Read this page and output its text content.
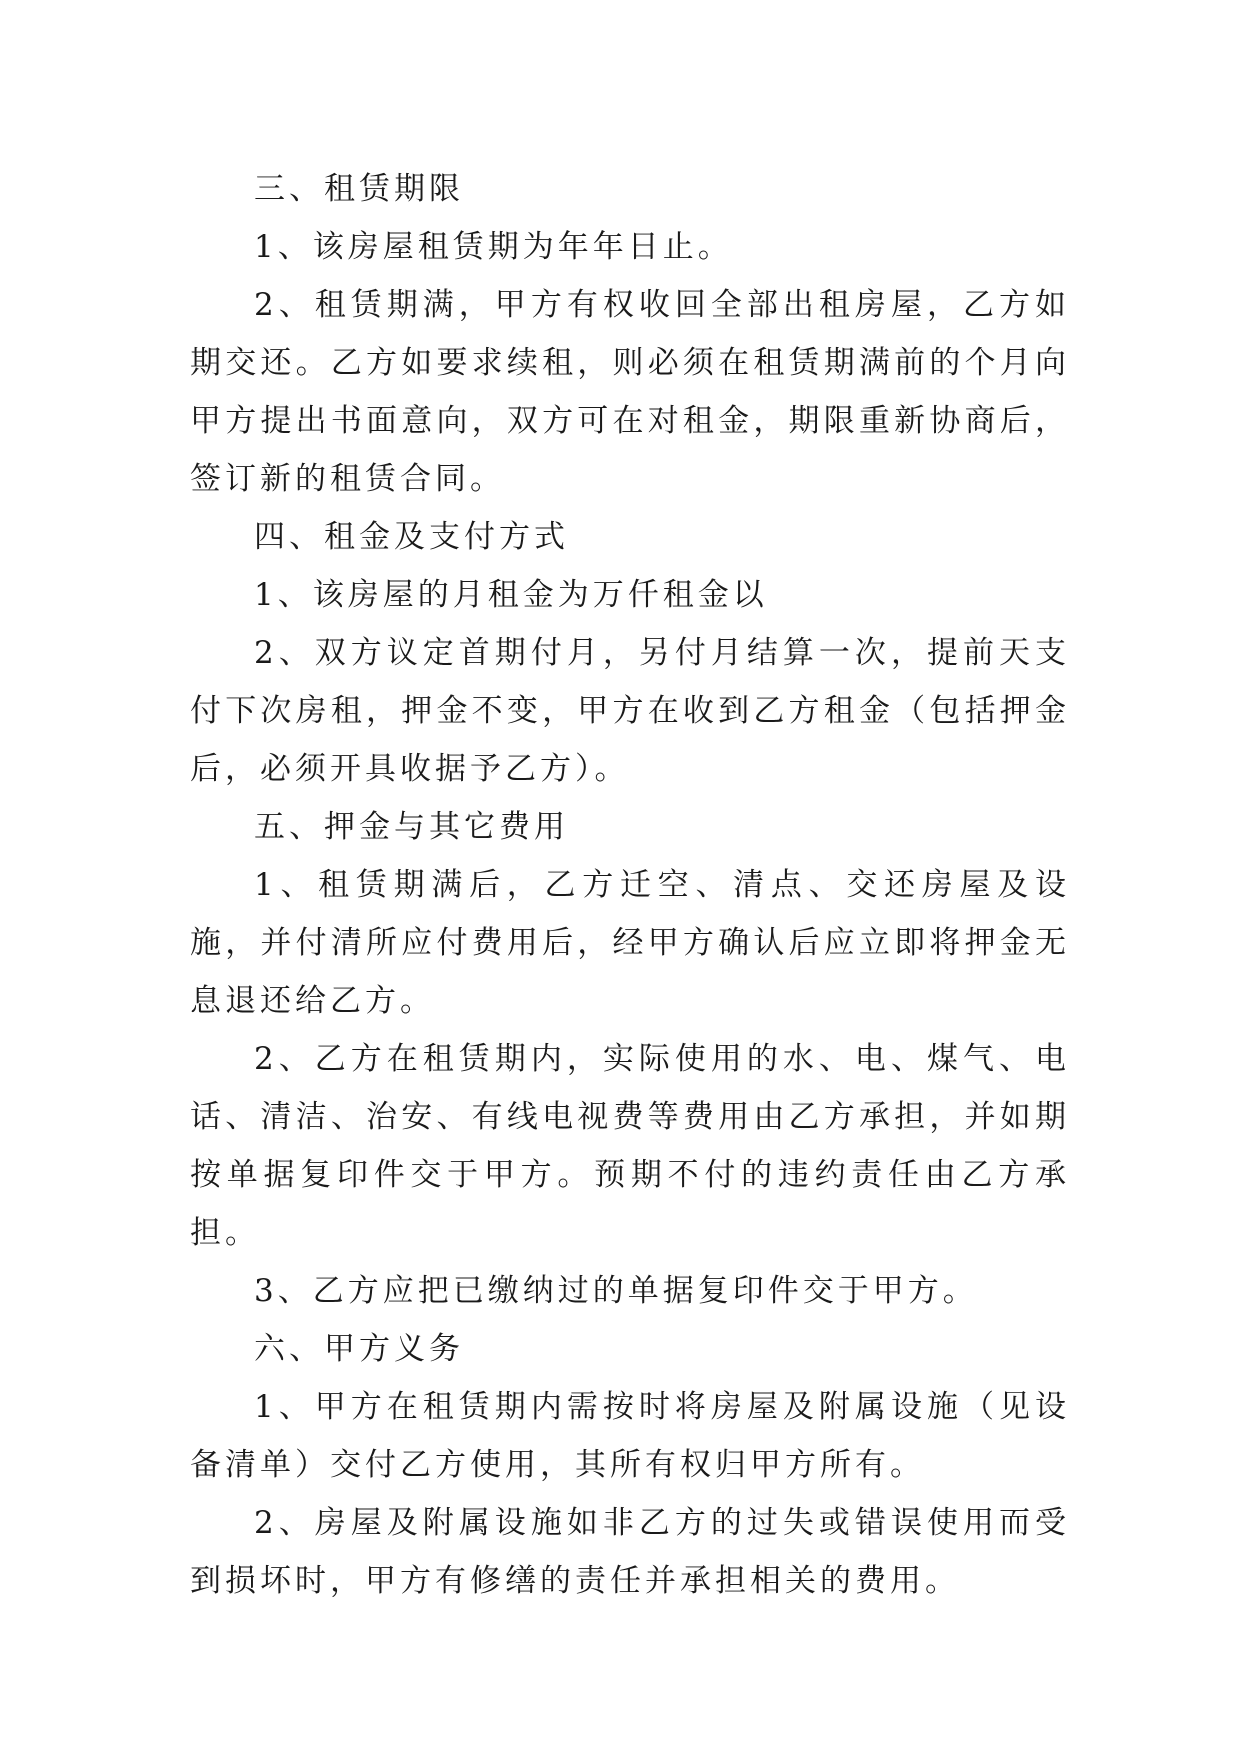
三、租赁期限

1、该房屋租赁期为年年日止。

2、租赁期满，甲方有权收回全部出租房屋，乙方如期交还。乙方如要求续租，则必须在租赁期满前的个月向甲方提出书面意向，双方可在对租金，期限重新协商后，签订新的租赁合同。

四、租金及支付方式

1、该房屋的月租金为万仟租金以

2、双方议定首期付月，另付月结算一次，提前天支付下次房租，押金不变，甲方在收到乙方租金（包括押金后，必须开具收据予乙方）。

五、押金与其它费用

1、租赁期满后，乙方迁空、清点、交还房屋及设施，并付清所应付费用后，经甲方确认后应立即将押金无息退还给乙方。

2、乙方在租赁期内，实际使用的水、电、煤气、电话、清洁、治安、有线电视费等费用由乙方承担，并如期按单据复印件交于甲方。预期不付的违约责任由乙方承担。

3、乙方应把已缴纳过的单据复印件交于甲方。

六、甲方义务

1、甲方在租赁期内需按时将房屋及附属设施（见设备清单）交付乙方使用，其所有权归甲方所有。

2、房屋及附属设施如非乙方的过失或错误使用而受到损坏时，甲方有修缮的责任并承担相关的费用。
